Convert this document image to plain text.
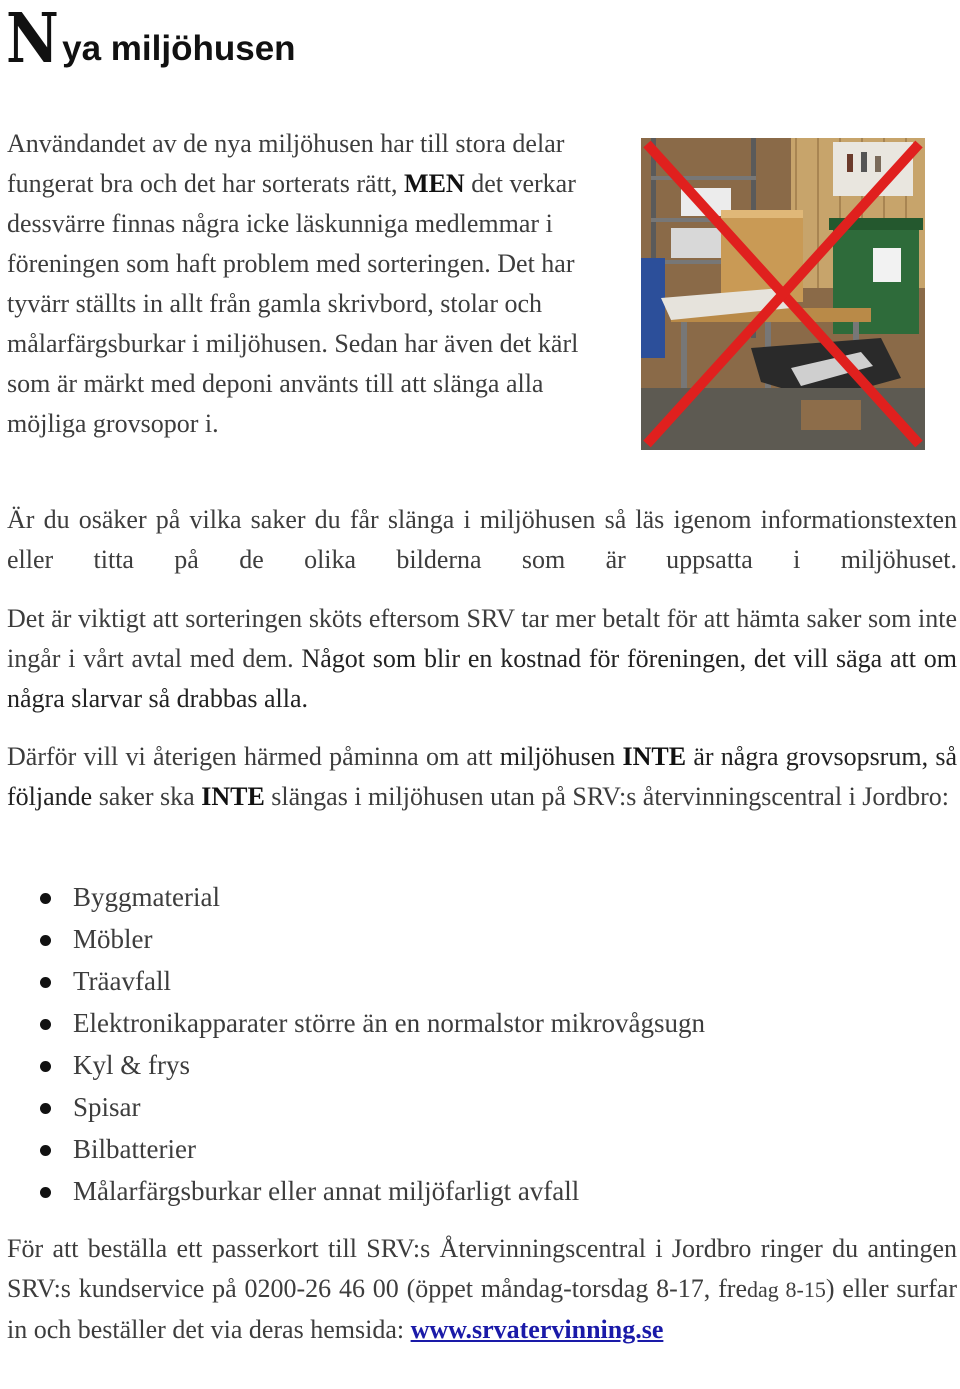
N ya miljöhusen

Användandet av de nya miljöhusen har till stora delar fungerat bra och det har sorterats rätt, MEN det verkar dessvärre finnas några icke läskunniga medlemmar i föreningen som haft problem med sorteringen. Det har tyvärr ställts in allt från gamla skrivbord, stolar och målarfärgsburkar i miljöhusen. Sedan har även det kärl som är märkt med deponi använts till att slänga alla möjliga grovsopor i.

Är du osäker på vilka saker du får slänga i miljöhusen så läs igenom informationstexten eller titta på de olika bilderna som är uppsatta i miljöhuset.

Det är viktigt att sorteringen sköts eftersom SRV tar mer betalt för att hämta saker som inte ingår i vårt avtal med dem. Något som blir en kostnad för föreningen, det vill säga att om några slarvar så drabbas alla.

Därför vill vi återigen härmed påminna om att miljöhusen INTE är några grovsopsrum, så följande saker ska INTE slängas i miljöhusen utan på SRV:s återvinningscentral i Jordbro:

Byggmaterial
Möbler
Träavfall
Elektronikapparater större än en normalstor mikrovågsugn
Kyl & frys
Spisar
Bilbatterier
Målarfärgsburkar eller annat miljöfarligt avfall

För att beställa ett passerkort till SRV:s Återvinningscentral i Jordbro ringer du antingen SRV:s kundservice på 0200-26 46 00 (öppet måndag-torsdag 8-17, fredag 8-15) eller surfar in och beställer det via deras hemsida: www.srvatervinning.se
